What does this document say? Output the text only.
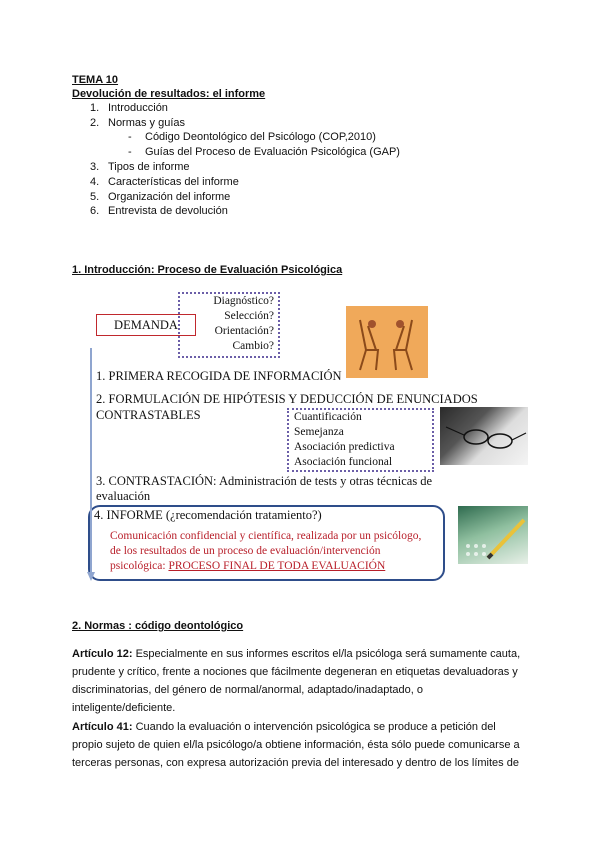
TEMA 10
Devolución de resultados: el informe
1. Introducción
2. Normas y guías
- Código Deontológico del Psicólogo (COP,2010)
- Guías del Proceso de Evaluación Psicológica (GAP)
3. Tipos de informe
4. Características del informe
5. Organización del informe
6. Entrevista de devolución
1. Introducción: Proceso de Evaluación Psicológica
Diagnóstico?
Selección?
Orientación?
Cambio?
DEMANDA
1. PRIMERA RECOGIDA DE INFORMACIÓN
2. FORMULACIÓN DE HIPÓTESIS Y DEDUCCIÓN DE ENUNCIADOS
CONTRASTABLES	Cuantificación
Semejanza
Asociación predictiva
Asociación funcional
3. CONTRASTACIÓN: Administración de tests y otras técnicas de
evaluación
4. INFORME (¿recomendación tratamiento?)
Comunicación confidencial y científica, realizada por un psicólogo,
de los resultados de un proceso de evaluación/intervención
psicológica: PROCESO FINAL DE TODA EVALUACIÓN
2. Normas : código deontológico

Artículo 12: Especialmente en sus informes escritos el/la psicóloga será sumamente cauta,

prudente y crítico, frente a nociones que fácilmente degeneran en etiquetas devaluadoras y

discriminatorias, del género de normal/anormal, adaptado/inadaptado, o

inteligente/deficiente.

Artículo 41: Cuando la evaluación o intervención psicológica se produce a petición del

propio sujeto de quien el/la psicólogo/a obtiene información, ésta sólo puede comunicarse a

terceras personas, con expresa autorización previa del interesado y dentro de los límites de
